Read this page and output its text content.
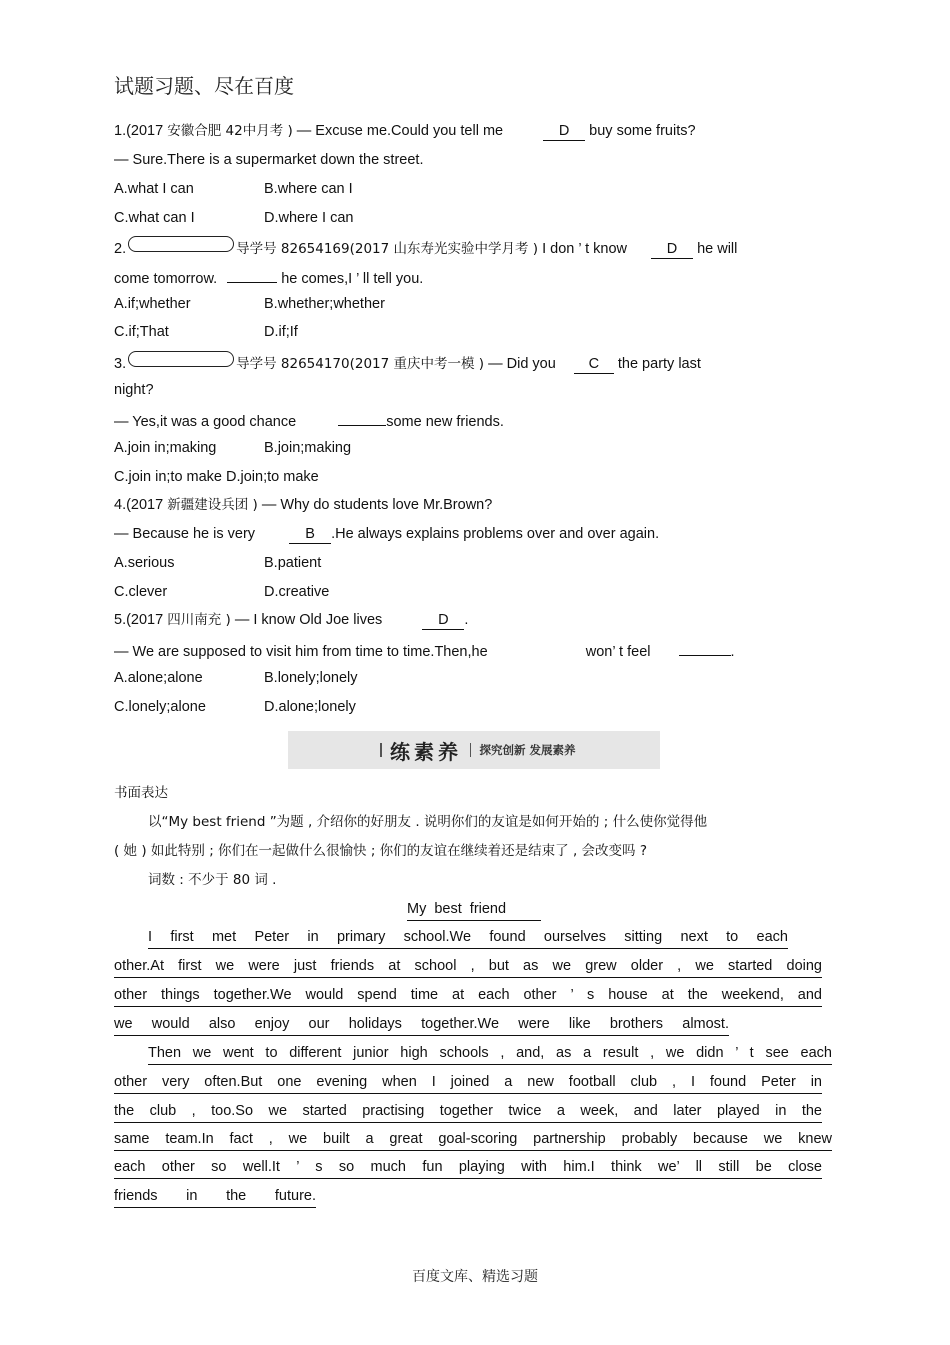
试题习题、尽在百度
1.(2017 安徽合肥 42中月考 ) — Excuse me.Could you tell me	D buy some fruits?
— Sure.There is a supermarket down the street.
A.what I can	B.where can I
C.what can I	D.where I can
2.	导学号 82654169(2017 山东寿光实验中学月考 ) I don ’ t know	D he will
come tomorrow.	he comes,I ’ ll tell you.
A.if;whether	B.whether;whether
C.if;That	D.if;If
3.	导学号 82654170(2017 重庆中考一模 ) — Did you C the party last
night?
— Yes,it was a good chance	some new friends.
A.join in;making	B.join;making
C.join in;to make D.join;to make
4.(2017 新疆建设兵团 ) — Why do students love Mr.Brown?
— Because he is very	B .He always explains problems over and over again.
A.serious	B.patient
C.clever	D.creative
5.(2017 四川南充 ) — I know Old Joe lives	D .
— We are supposed to visit him from time to time.Then,he	won’ t feel	.
A.alone;alone	B.lonely;lonely
C.lonely;alone	D.alone;lonely
练素养 探究创新 发展素养
书面表达
以“My best friend ”为题 , 介绍你的好朋友 . 说明你们的友谊是如何开始的 ; 什么使你觉得他
( 她 ) 如此特别 ; 你们在一起做什么很愉快 ; 你们的友谊在继续着还是结束了 , 会改变吗 ?
词数 : 不少于 80 词 .
My best friend
I first met Peter in primary school.We found ourselves sitting next to each
other.At first we were just friends at school , but as we grew older , we started doing
other things together.We would spend time at each other ’ s house at the weekend, and
we would also enjoy our holidays together.We were like brothers almost.
Then we went to different junior high schools , and, as a result , we didn ’ t see each
other very often.But one evening when I joined a new football club , I found Peter in
the club , too.So we started practising together twice a week, and later played in the
same team.In fact , we built a great goal-scoring partnership probably because we knew
each other so well.It ’ s so much fun playing with him.I think we’ ll still be close
friends in the future.
百度文库、精选习题
